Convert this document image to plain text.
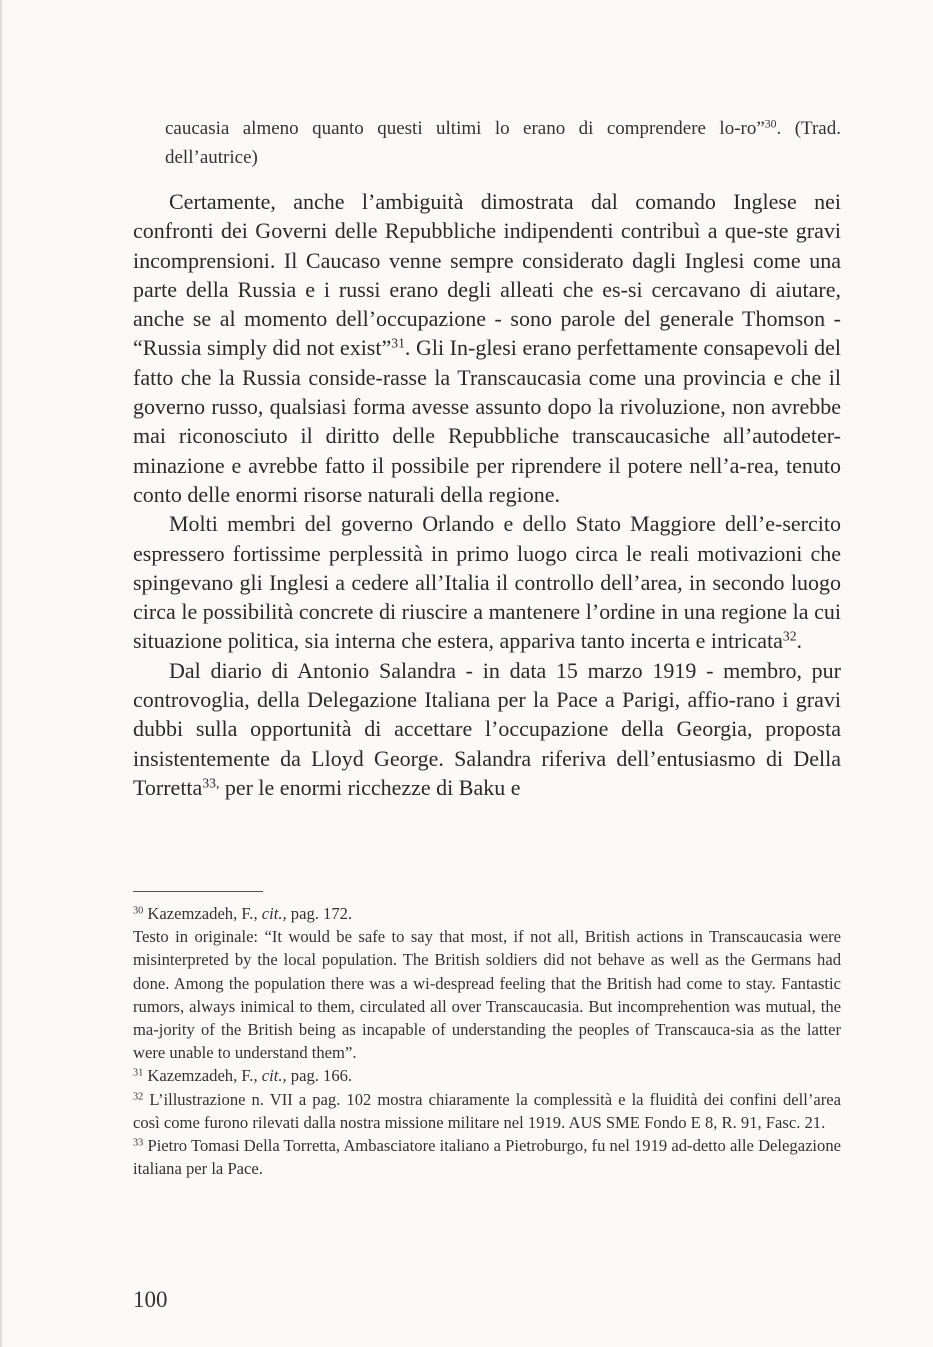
caucasia almeno quanto questi ultimi lo erano di comprendere lo-ro”$^{30}$. (Trad. dell’autrice)

Certamente, anche l’ambiguità dimostrata dal comando Inglese nei confronti dei Governi delle Repubbliche indipendenti contribuì a que-ste gravi incomprensioni. Il Caucaso venne sempre considerato dagli Inglesi come una parte della Russia e i russi erano degli alleati che es-si cercavano di aiutare, anche se al momento dell’occupazione - sono parole del generale Thomson - “Russia simply did not exist”$^{31}$. Gli In-glesi erano perfettamente consapevoli del fatto che la Russia conside-rasse la Transcaucasia come una provincia e che il governo russo, qualsiasi forma avesse assunto dopo la rivoluzione, non avrebbe mai riconosciuto il diritto delle Repubbliche transcaucasiche all’autodeter-minazione e avrebbe fatto il possibile per riprendere il potere nell’a-rea, tenuto conto delle enormi risorse naturali della regione.

Molti membri del governo Orlando e dello Stato Maggiore dell’e-sercito espressero fortissime perplessità in primo luogo circa le reali motivazioni che spingevano gli Inglesi a cedere all’Italia il controllo dell’area, in secondo luogo circa le possibilità concrete di riuscire a mantenere l’ordine in una regione la cui situazione politica, sia interna che estera, appariva tanto incerta e intricata$^{32}$.

Dal diario di Antonio Salandra - in data 15 marzo 1919 - membro, pur controvoglia, della Delegazione Italiana per la Pace a Parigi, affio-rano i gravi dubbi sulla opportunità di accettare l’occupazione della Georgia, proposta insistentemente da Lloyd George. Salandra riferiva dell’entusiasmo di Della Torretta$^{33,}$ per le enormi ricchezze di Baku e

$^{30}$ Kazemzadeh, F., cit., pag. 172.

Testo in originale: “It would be safe to say that most, if not all, British actions in Transcaucasia were misinterpreted by the local population. The British soldiers did not behave as well as the Germans had done. Among the population there was a wi-despread feeling that the British had come to stay. Fantastic rumors, always inimical to them, circulated all over Transcaucasia. But incomprehention was mutual, the ma-jority of the British being as incapable of understanding the peoples of Transcauca-sia as the latter were unable to understand them”.

$^{31}$ Kazemzadeh, F., cit., pag. 166.

$^{32}$ L’illustrazione n. VII a pag. 102 mostra chiaramente la complessità e la fluidità dei confini dell’area così come furono rilevati dalla nostra missione militare nel 1919. AUS SME Fondo E 8, R. 91, Fasc. 21.

$^{33}$ Pietro Tomasi Della Torretta, Ambasciatore italiano a Pietroburgo, fu nel 1919 ad-detto alle Delegazione italiana per la Pace.

100
